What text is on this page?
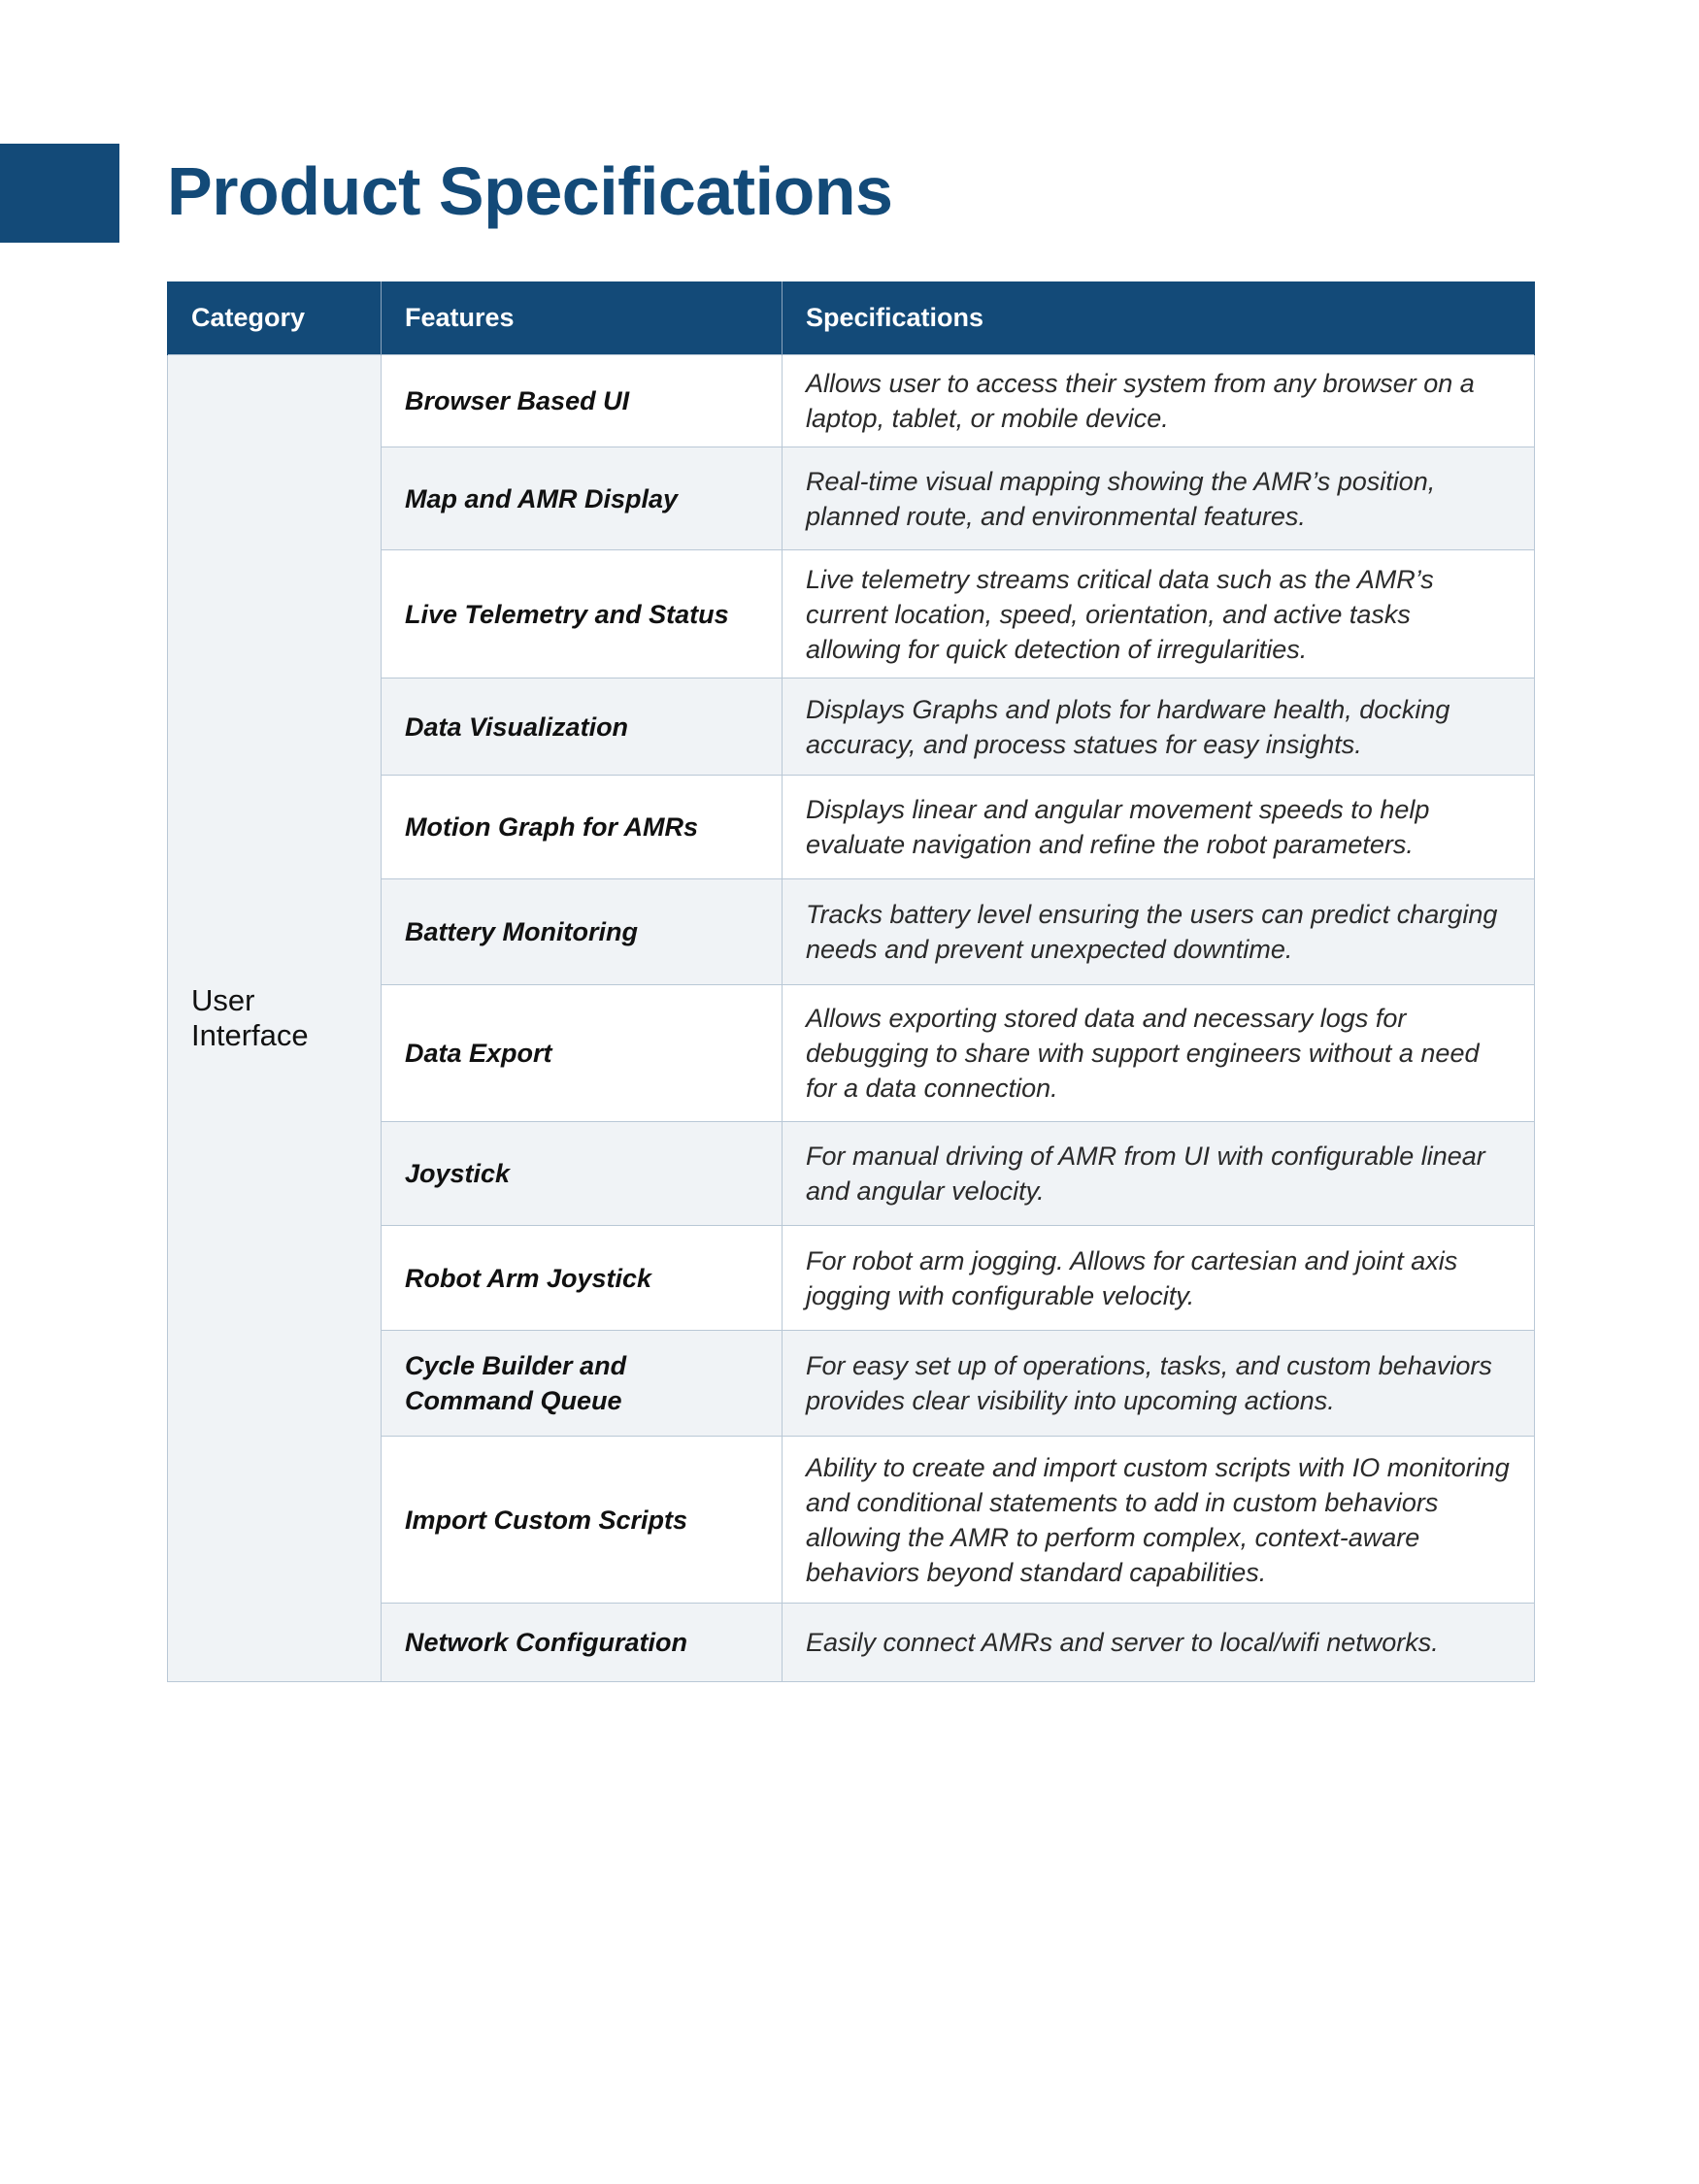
Product Specifications
Category	Features	Specifications
User Interface	Browser Based UI	Allows user to access their system from any browser on a laptop, tablet, or mobile device.
	Map and AMR Display	Real-time visual mapping showing the AMR’s position, planned route, and environmental features.
	Live Telemetry and Status	Live telemetry streams critical data such as the AMR’s current location, speed, orientation, and active tasks allowing for quick detection of irregularities.
	Data Visualization	Displays Graphs and plots for hardware health, docking accuracy, and process statues for easy insights.
	Motion Graph for AMRs	Displays linear and angular movement speeds to help evaluate navigation and refine the robot parameters.
	Battery Monitoring	Tracks battery level ensuring the users can predict charging needs and prevent unexpected downtime.
	Data Export	Allows exporting stored data and necessary logs for debugging to share with support engineers without a need for a data connection.
	Joystick	For manual driving of AMR from UI with configurable linear and angular velocity.
	Robot Arm Joystick	For robot arm jogging. Allows for cartesian and joint axis jogging with configurable velocity.
	Cycle Builder and Command Queue	For easy set up of operations, tasks, and custom behaviors provides clear visibility into upcoming actions.
	Import Custom Scripts	Ability to create and import custom scripts with IO monitoring and conditional statements to add in custom behaviors allowing the AMR to perform complex, context-aware behaviors beyond standard capabilities.
	Network Configuration	Easily connect AMRs and server to local/wifi networks.
